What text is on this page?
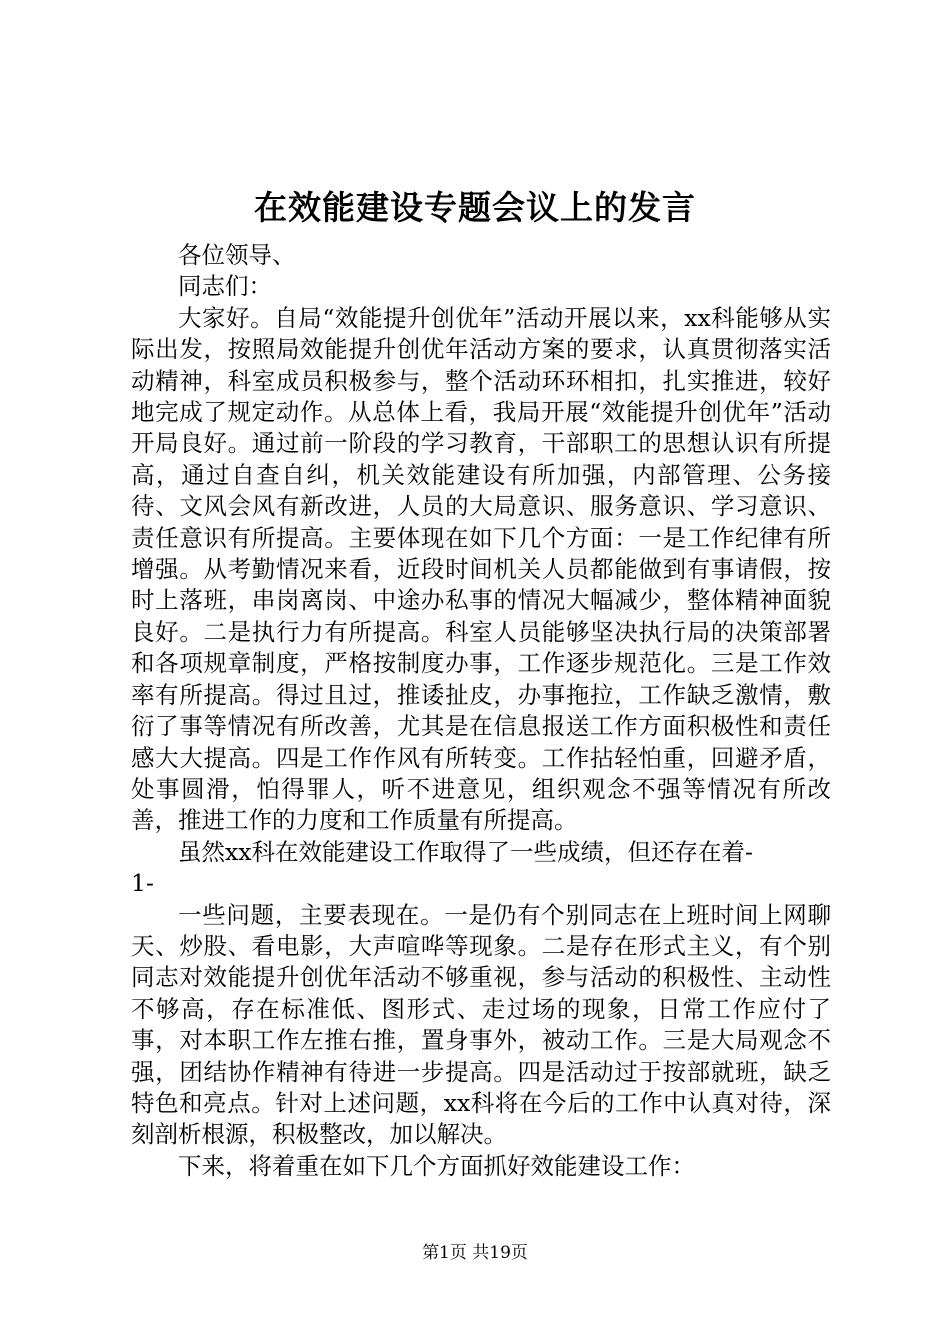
在效能建设专题会议上的发言

各位领导、

同志们：

大家好。自局“效能提升创优年”活动开展以来，xx科能够从实际出发，按照局效能提升创优年活动方案的要求，认真贯彻落实活动精神，科室成员积极参与，整个活动环环相扣，扎实推进，较好地完成了规定动作。从总体上看，我局开展“效能提升创优年”活动开局良好。通过前一阶段的学习教育，干部职工的思想认识有所提高，通过自查自纠，机关效能建设有所加强，内部管理、公务接待、文风会风有新改进，人员的大局意识、服务意识、学习意识、责任意识有所提高。主要体现在如下几个方面：一是工作纪律有所增强。从考勤情况来看，近段时间机关人员都能做到有事请假，按时上落班，串岗离岗、中途办私事的情况大幅减少，整体精神面貌良好。二是执行力有所提高。科室人员能够坚决执行局的决策部署和各项规章制度，严格按制度办事，工作逐步规范化。三是工作效率有所提高。得过且过，推诿扯皮，办事拖拉，工作缺乏激情，敷衍了事等情况有所改善，尤其是在信息报送工作方面积极性和责任感大大提高。四是工作作风有所转变。工作拈轻怕重，回避矛盾，处事圆滑，怕得罪人，听不进意见，组织观念不强等情况有所改善，推进工作的力度和工作质量有所提高。

虽然xx科在效能建设工作取得了一些成绩，但还存在着-

1-

一些问题，主要表现在。一是仍有个别同志在上班时间上网聊天、炒股、看电影，大声喧哗等现象。二是存在形式主义，有个别同志对效能提升创优年活动不够重视，参与活动的积极性、主动性不够高，存在标准低、图形式、走过场的现象，日常工作应付了事，对本职工作左推右推，置身事外，被动工作。三是大局观念不强，团结协作精神有待进一步提高。四是活动过于按部就班，缺乏特色和亮点。针对上述问题，xx科将在今后的工作中认真对待，深刻剖析根源，积极整改，加以解决。

下来，将着重在如下几个方面抓好效能建设工作：

第1页 共19页
